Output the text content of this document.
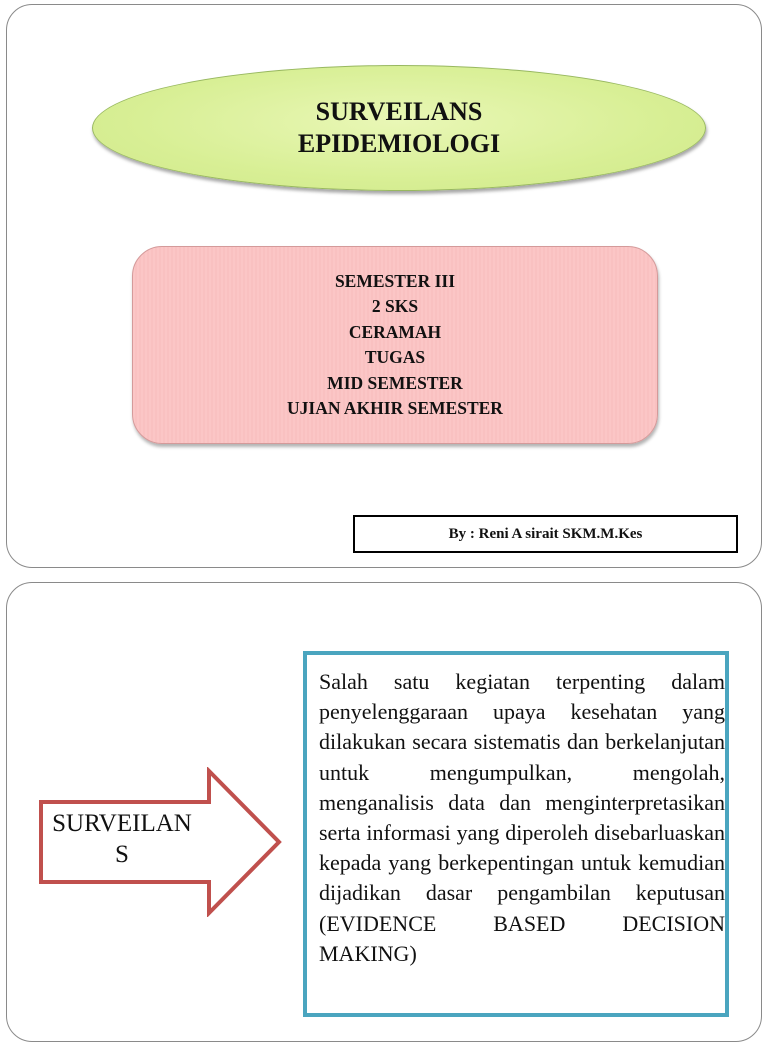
SURVEILANS
EPIDEMIOLOGI
SEMESTER III
2 SKS
CERAMAH
TUGAS
MID SEMESTER
UJIAN AKHIR SEMESTER
By : Reni A sirait SKM.M.Kes
SURVEILAN
S
Salah satu kegiatan terpenting dalam penyelenggaraan upaya kesehatan yang dilakukan secara sistematis dan berkelanjutan untuk mengumpulkan, mengolah, menganalisis data dan menginterpretasikan serta informasi yang diperoleh disebarluaskan kepada yang berkepentingan untuk kemudian dijadikan dasar pengambilan keputusan (EVIDENCE BASED DECISION MAKING)
